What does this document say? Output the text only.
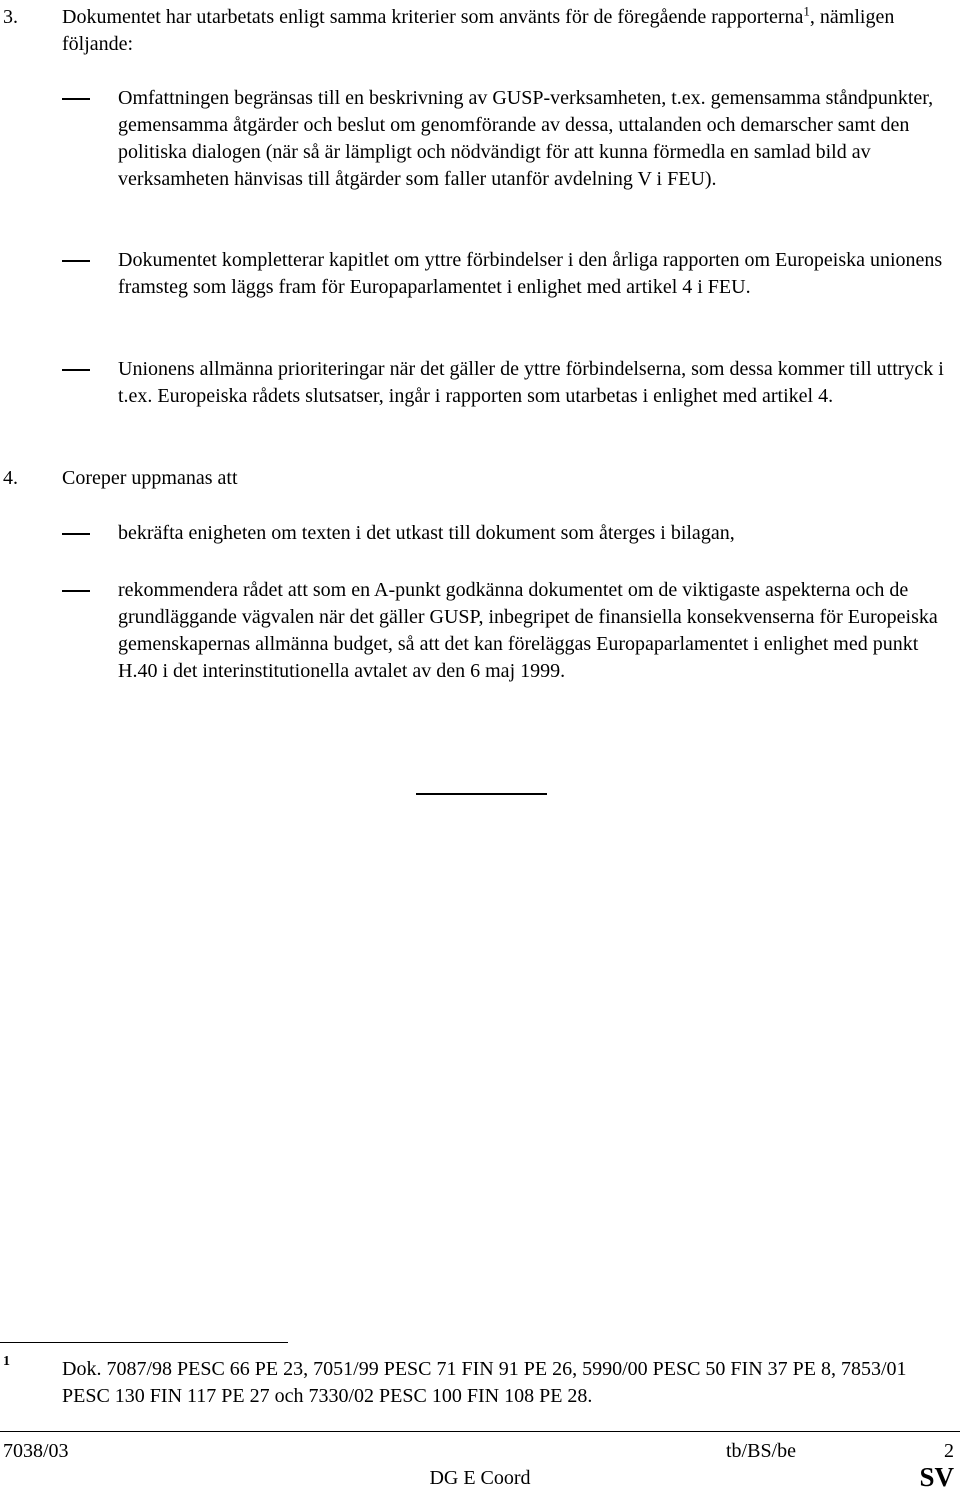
3. Dokumentet har utarbetats enligt samma kriterier som använts för de föregående rapporterna$^1$, nämligen följande:
Omfattningen begränsas till en beskrivning av GUSP-verksamheten, t.ex. gemensamma ståndpunkter, gemensamma åtgärder och beslut om genomförande av dessa, uttalanden och demarscher samt den politiska dialogen (när så är lämpligt och nödvändigt för att kunna förmedla en samlad bild av verksamheten hänvisas till åtgärder som faller utanför avdelning V i FEU).
Dokumentet kompletterar kapitlet om yttre förbindelser i den årliga rapporten om Europeiska unionens framsteg som läggs fram för Europaparlamentet i enlighet med artikel 4 i FEU.
Unionens allmänna prioriteringar när det gäller de yttre förbindelserna, som dessa kommer till uttryck i t.ex. Europeiska rådets slutsatser, ingår i rapporten som utarbetas i enlighet med artikel 4.
4. Coreper uppmanas att
bekräfta enigheten om texten i det utkast till dokument som återges i bilagan,
rekommendera rådet att som en A-punkt godkänna dokumentet om de viktigaste aspekterna och de grundläggande vägvalen när det gäller GUSP, inbegripet de finansiella konsekvenserna för Europeiska gemenskapernas allmänna budget, så att det kan föreläggas Europaparlamentet i enlighet med punkt H.40 i det interinstitutionella avtalet av den 6 maj 1999.
1	Dok. 7087/98 PESC 66 PE 23, 7051/99 PESC 71 FIN 91 PE 26, 5990/00 PESC 50 FIN 37 PE 8, 7853/01 PESC 130 FIN 117 PE 27 och 7330/02 PESC 100 FIN 108 PE 28.
7038/03	tb/BS/be	2
DG E Coord	SV
